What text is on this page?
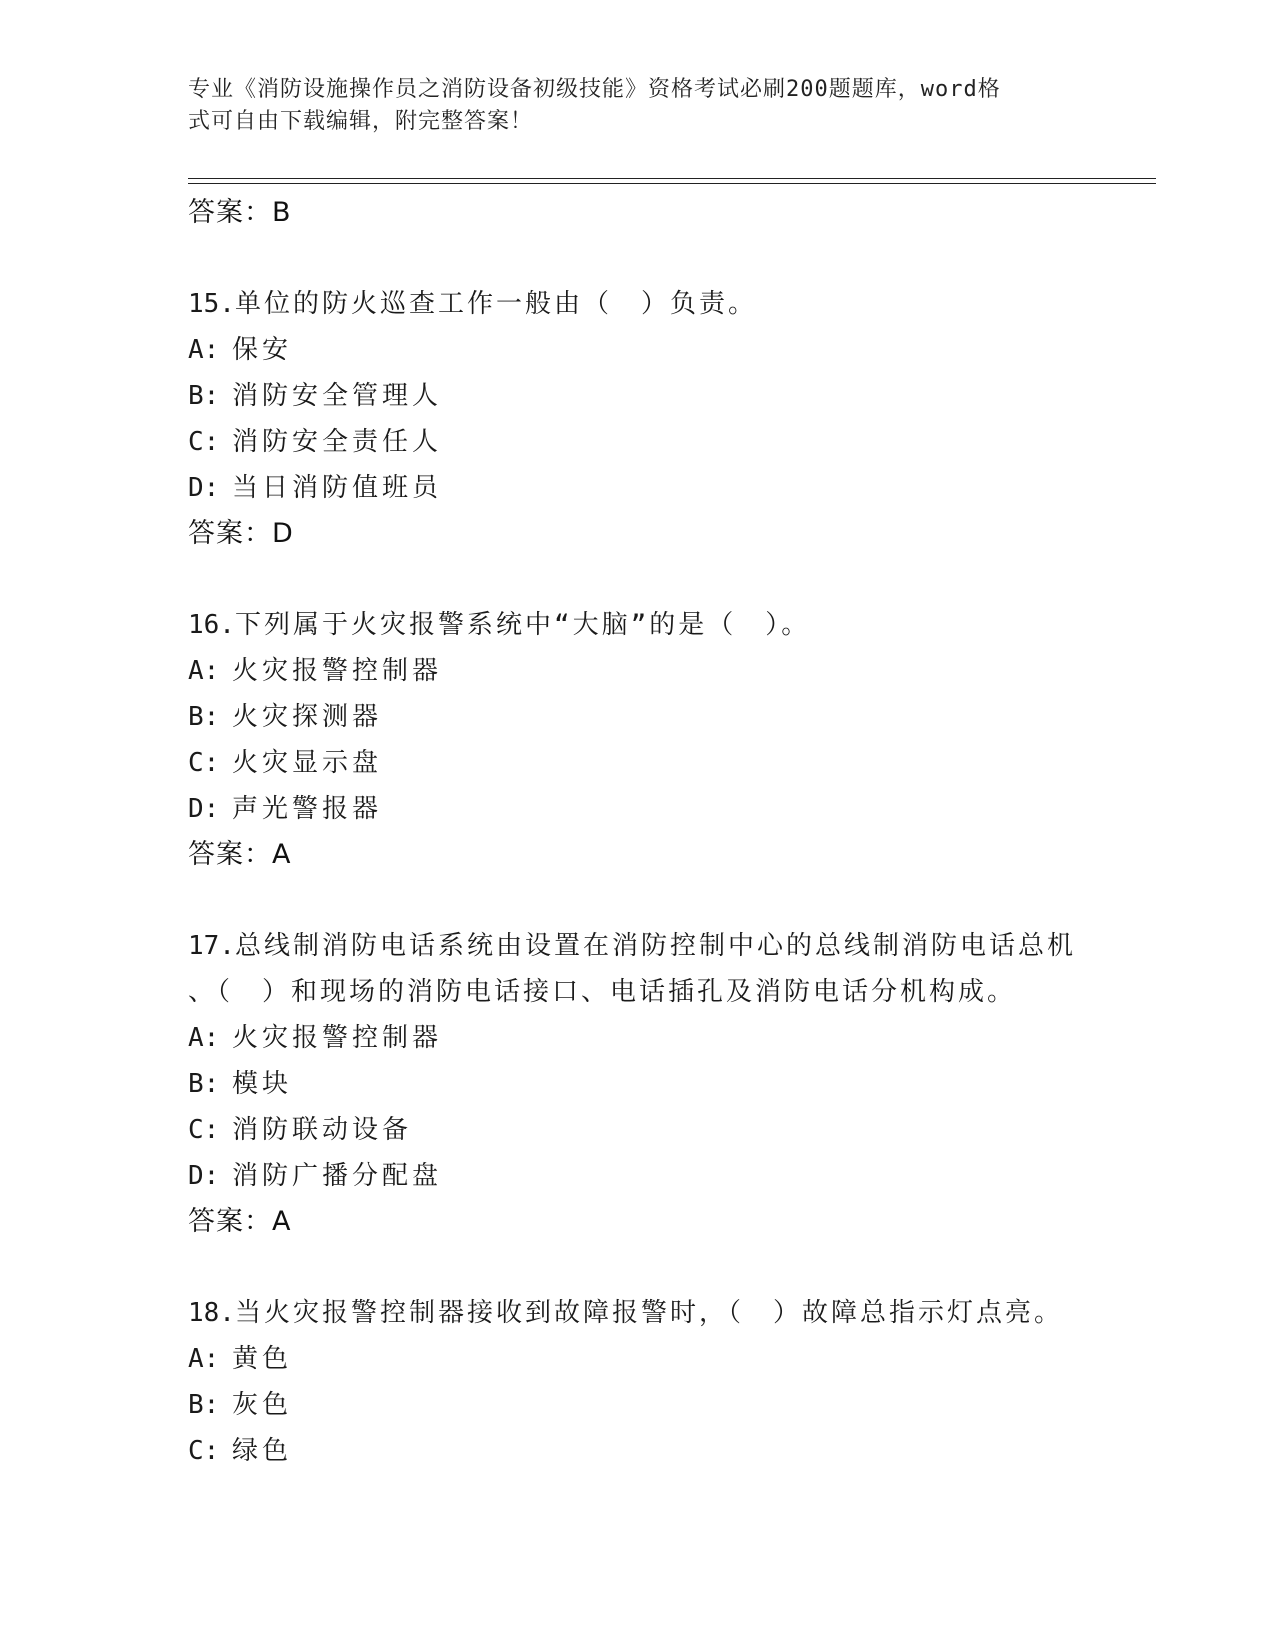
专业《消防设施操作员之消防设备初级技能》资格考试必刷200题题库，word格
式可自由下载编辑，附完整答案！
答案：B
15.单位的防火巡查工作一般由（　）负责。
A: 保安
B: 消防安全管理人
C: 消防安全责任人
D: 当日消防值班员
答案：D
16.下列属于火灾报警系统中“大脑”的是（　）。
A: 火灾报警控制器
B: 火灾探测器
C: 火灾显示盘
D: 声光警报器
答案：A
17.总线制消防电话系统由设置在消防控制中心的总线制消防电话总机
、（　）和现场的消防电话接口、电话插孔及消防电话分机构成。
A: 火灾报警控制器
B: 模块
C: 消防联动设备
D: 消防广播分配盘
答案：A
18.当火灾报警控制器接收到故障报警时，（　）故障总指示灯点亮。
A: 黄色
B: 灰色
C: 绿色
